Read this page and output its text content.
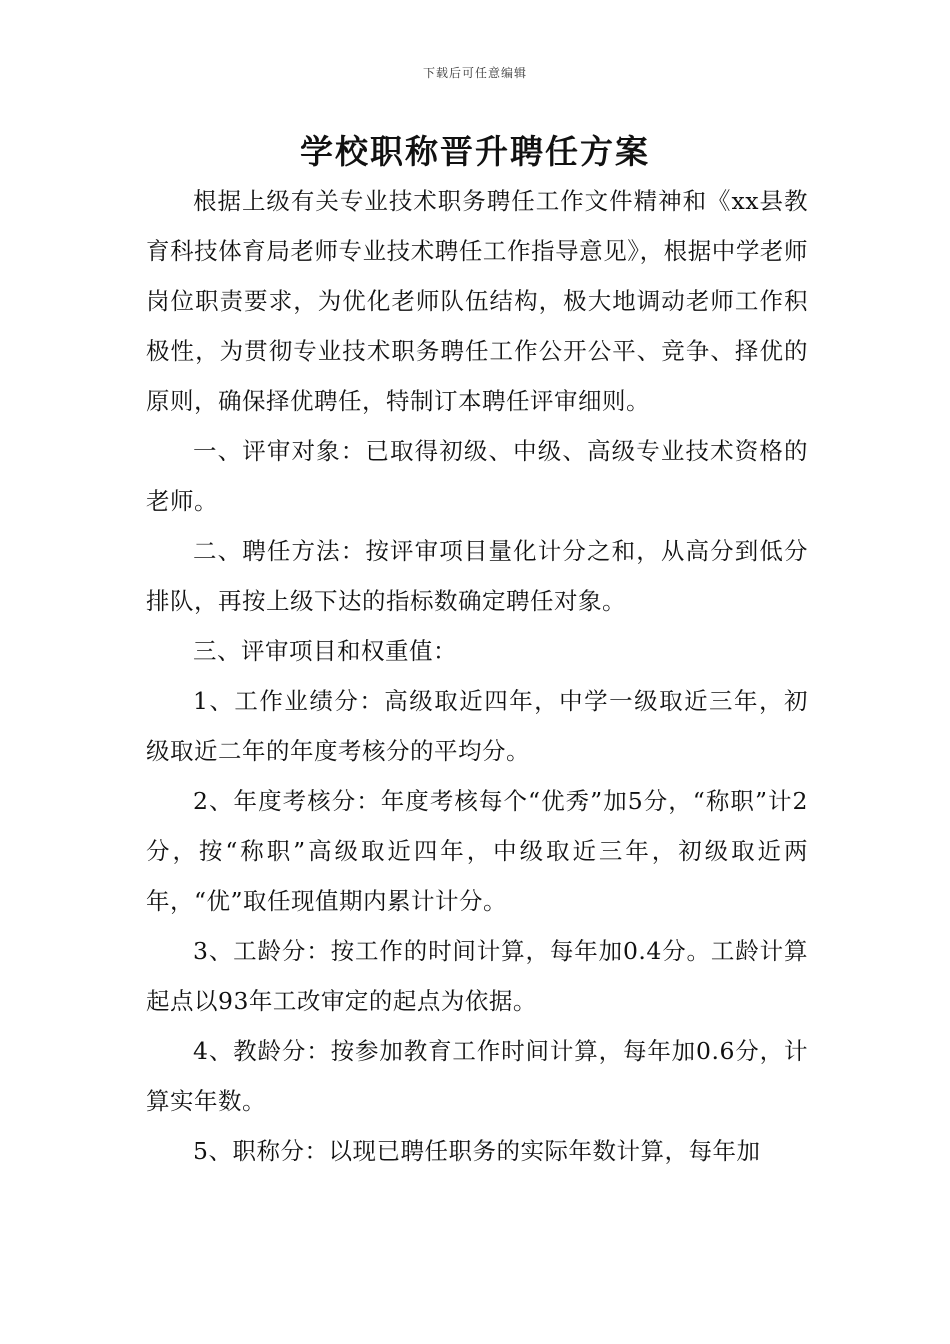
下载后可任意编辑
学校职称晋升聘任方案

根据上级有关专业技术职务聘任工作文件精神和《xx县教育科技体育局老师专业技术聘任工作指导意见》，根据中学老师岗位职责要求，为优化老师队伍结构，极大地调动老师工作积极性，为贯彻专业技术职务聘任工作公开公平、竞争、择优的原则，确保择优聘任，特制订本聘任评审细则。

一、评审对象：已取得初级、中级、高级专业技术资格的老师。

二、聘任方法：按评审项目量化计分之和，从高分到低分排队，再按上级下达的指标数确定聘任对象。

三、评审项目和权重值：

1、工作业绩分：高级取近四年，中学一级取近三年，初级取近二年的年度考核分的平均分。

2、年度考核分：年度考核每个“优秀”加5分，“称职”计2分，按“称职”高级取近四年，中级取近三年，初级取近两年，“优”取任现值期内累计计分。

3、工龄分：按工作的时间计算，每年加0.4分。工龄计算起点以93年工改审定的起点为依据。

4、教龄分：按参加教育工作时间计算，每年加0.6分，计算实年数。

5、职称分：以现已聘任职务的实际年数计算，每年加
